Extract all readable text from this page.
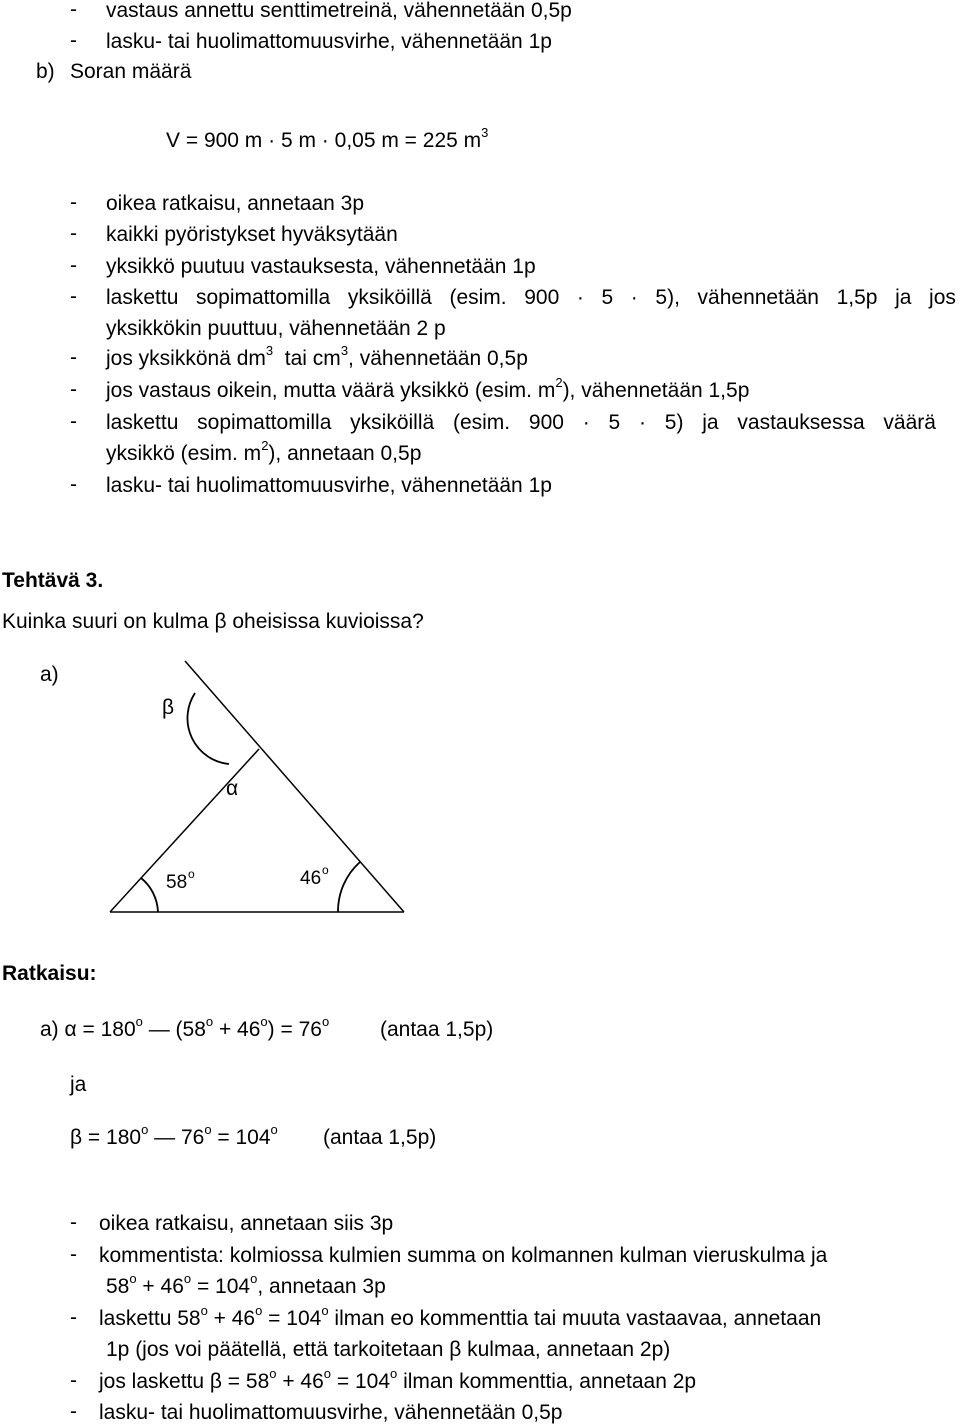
- vastaus annettu senttimetreinä, vähennetään 0,5p
- lasku- tai huolimattomuusvirhe, vähennetään 1p
b) Soran määrä
V = 900 m · 5 m · 0,05 m = 225 $m^3$
- oikea ratkaisu, annetaan 3p
- kaikki pyöristykset hyväksytään
- yksikkö puutuu vastauksesta, vähennetään 1p
- laskettu sopimattomilla yksiköillä (esim. 900 · 5 · 5), vähennetään 1,5p ja jos
yksikkökin puuttuu, vähennetään 2 p
- jos yksikkönä $dm^3$ tai $cm^3$, vähennetään 0,5p
- jos vastaus oikein, mutta väärä yksikkö (esim. $m^2$), vähennetään 1,5p
- laskettu sopimattomilla yksiköillä (esim. 900 · 5 · 5) ja vastauksessa väärä
yksikkö (esim. $m^2$), annetaan 0,5p
- lasku- tai huolimattomuusvirhe, vähennetään 1p
Tehtävä 3.
Kuinka suuri on kulma β oheisissa kuvioissa?
a)
β
α
58 o	46 o
Ratkaisu:
a) $\alpha = 180^o$ — $(58^o + 46^o) = 76^o$ (antaa 1,5p)
ja
$\beta = 180^o$ — $76^o = 104^o$ (antaa 1,5p)
- oikea ratkaisu, annetaan siis 3p
- kommentista: kolmiossa kulmien summa on kolmannen kulman vieruskulma ja
$58^o + 46^o = 104^o$, annetaan 3p
- laskettu $58^o + 46^o = 104^o$ ilman eo kommenttia tai muuta vastaavaa, annetaan
1p (jos voi päätellä, että tarkoitetaan β kulmaa, annetaan 2p)
- jos laskettu $\beta = 58^o + 46^o = 104^o$ ilman kommenttia, annetaan 2p
- lasku- tai huolimattomuusvirhe, vähennetään 0,5p
